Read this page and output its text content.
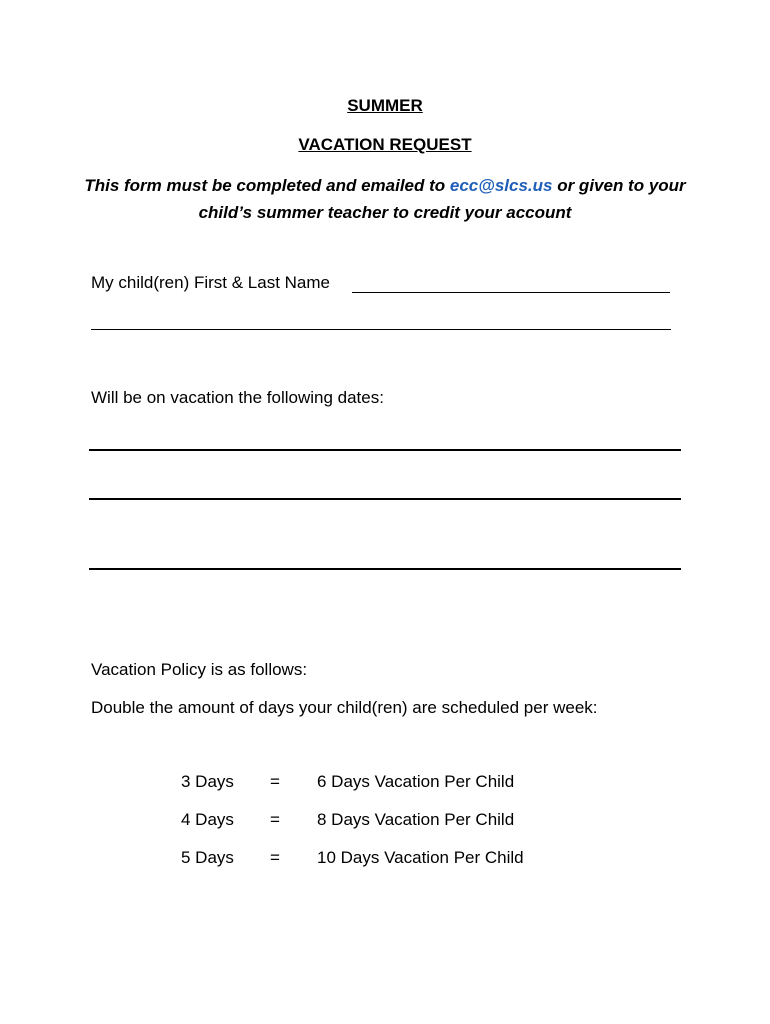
SUMMER
VACATION REQUEST
This form must be completed and emailed to ecc@slcs.us or given to your child’s summer teacher to credit your account
My child(ren) First & Last Name
Will be on vacation the following dates:
Vacation Policy is as follows:
Double the amount of days your child(ren) are scheduled per week:
3 Days = 6 Days Vacation Per Child
4 Days = 8 Days Vacation Per Child
5 Days = 10 Days Vacation Per Child
